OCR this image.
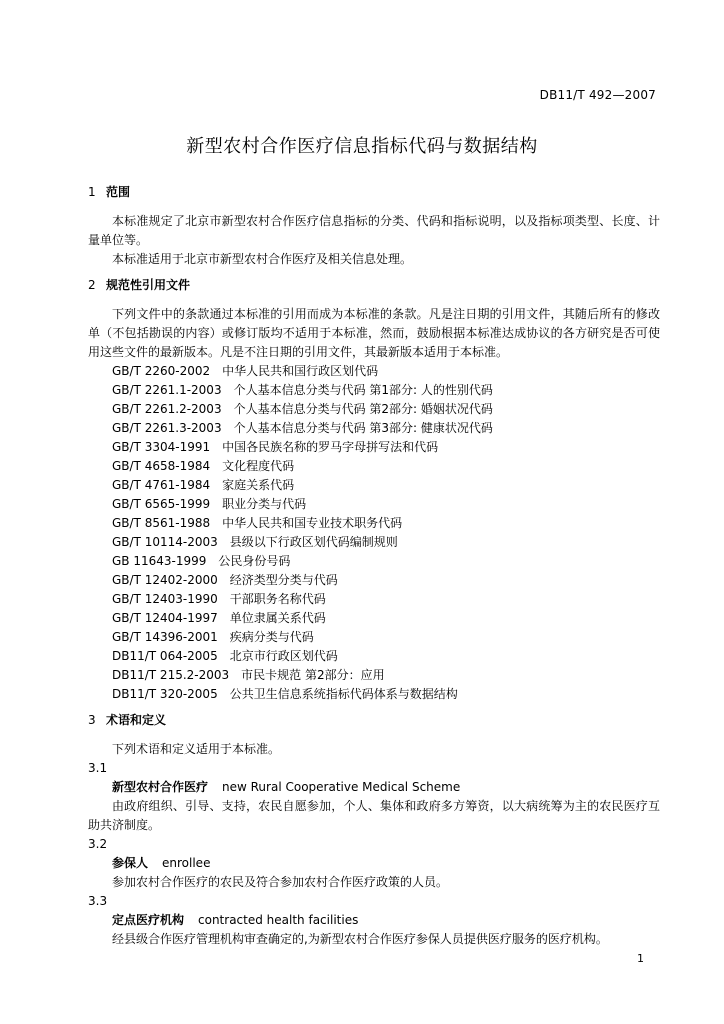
DB11/T 492—2007
新型农村合作医疗信息指标代码与数据结构

1 范围

本标准规定了北京市新型农村合作医疗信息指标的分类、代码和指标说明，以及指标项类型、长度、计量单位等。

本标准适用于北京市新型农村合作医疗及相关信息处理。

2 规范性引用文件

下列文件中的条款通过本标准的引用而成为本标准的条款。凡是注日期的引用文件，其随后所有的修改单（不包括勘误的内容）或修订版均不适用于本标准，然而，鼓励根据本标准达成协议的各方研究是否可使用这些文件的最新版本。凡是不注日期的引用文件，其最新版本适用于本标准。

GB/T 2260-2002　中华人民共和国行政区划代码
GB/T 2261.1-2003　个人基本信息分类与代码 第1部分: 人的性别代码
GB/T 2261.2-2003　个人基本信息分类与代码 第2部分: 婚姻状况代码
GB/T 2261.3-2003　个人基本信息分类与代码 第3部分: 健康状况代码
GB/T 3304-1991　中国各民族名称的罗马字母拼写法和代码
GB/T 4658-1984　文化程度代码
GB/T 4761-1984　家庭关系代码
GB/T 6565-1999　职业分类与代码
GB/T 8561-1988　中华人民共和国专业技术职务代码
GB/T 10114-2003　县级以下行政区划代码编制规则
GB 11643-1999　公民身份号码
GB/T 12402-2000　经济类型分类与代码
GB/T 12403-1990　干部职务名称代码
GB/T 12404-1997　单位隶属关系代码
GB/T 14396-2001　疾病分类与代码
DB11/T 064-2005　北京市行政区划代码
DB11/T 215.2-2003　市民卡规范 第2部分：应用
DB11/T 320-2005　公共卫生信息系统指标代码体系与数据结构

3 术语和定义

下列术语和定义适用于本标准。

3.1

新型农村合作医疗 new Rural Cooperative Medical Scheme

由政府组织、引导、支持，农民自愿参加，个人、集体和政府多方筹资，以大病统筹为主的农民医疗互助共济制度。

3.2

参保人 enrollee

参加农村合作医疗的农民及符合参加农村合作医疗政策的人员。

3.3

定点医疗机构 contracted health facilities

经县级合作医疗管理机构审查确定的,为新型农村合作医疗参保人员提供医疗服务的医疗机构。

1
